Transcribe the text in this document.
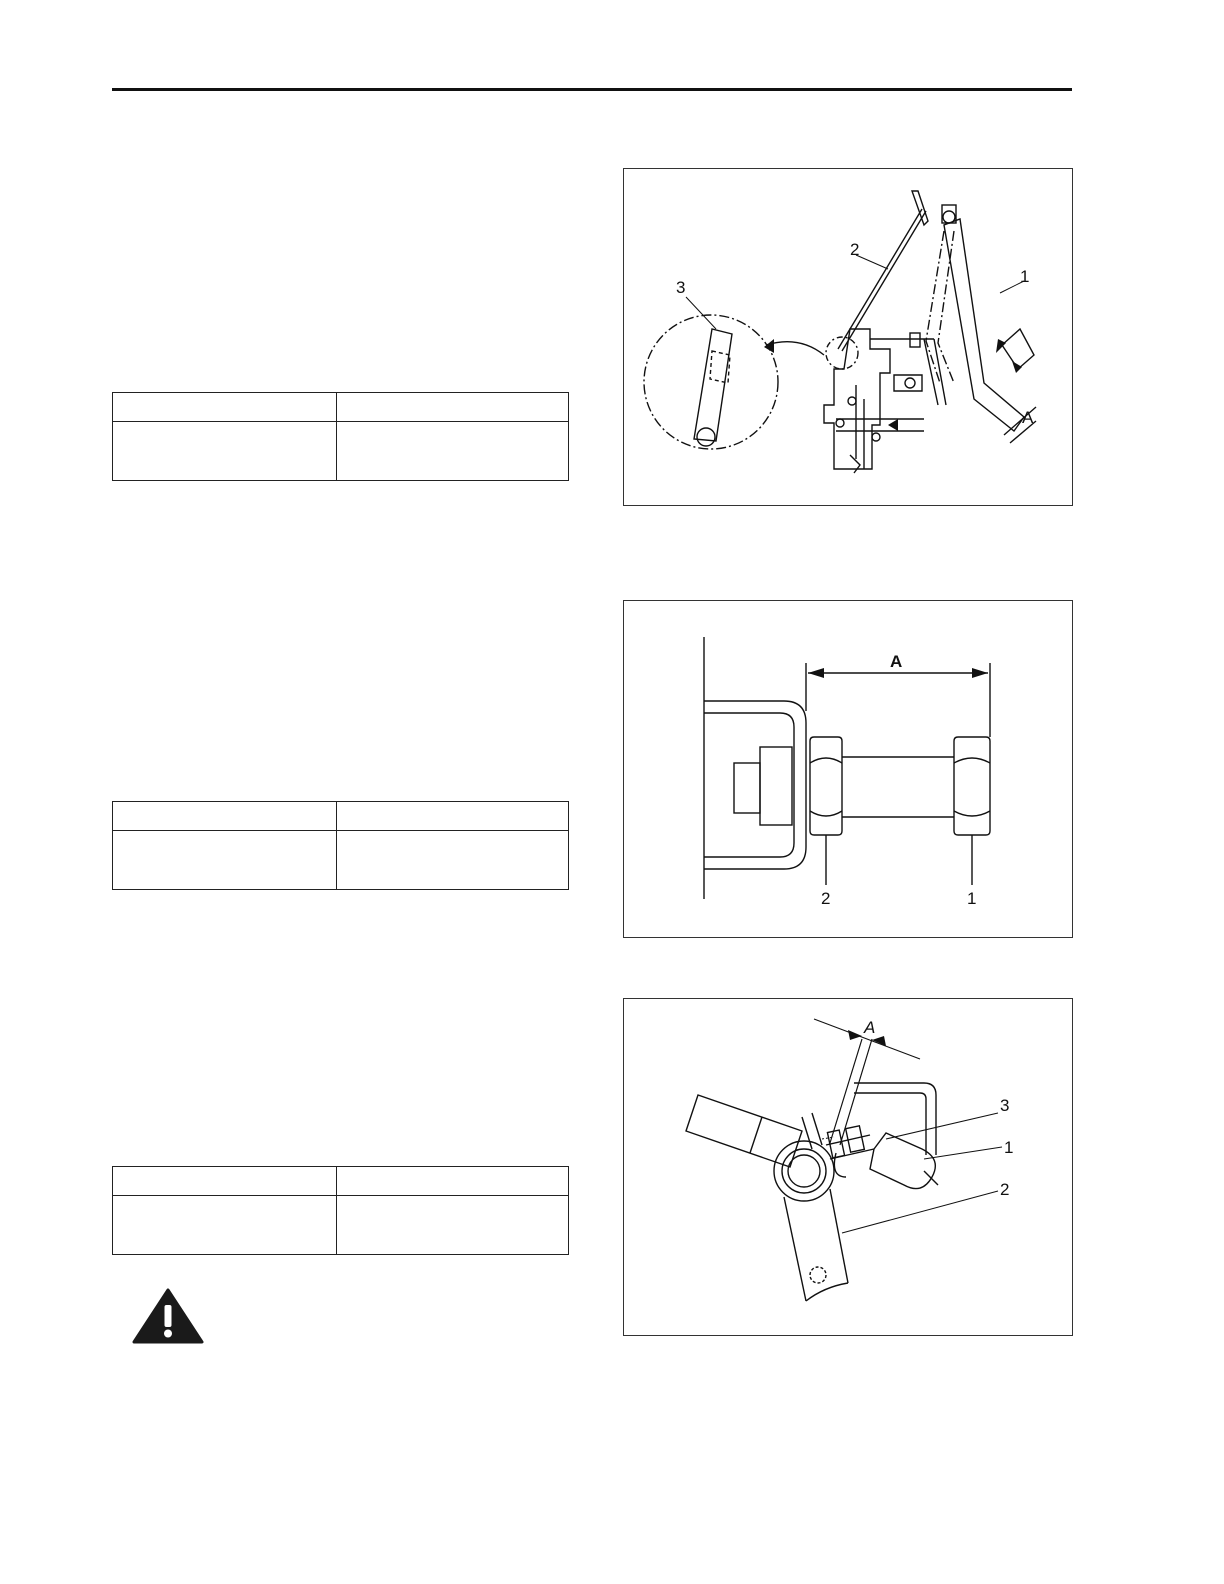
1
2
3
A
A
1
2
A
3
1
2
